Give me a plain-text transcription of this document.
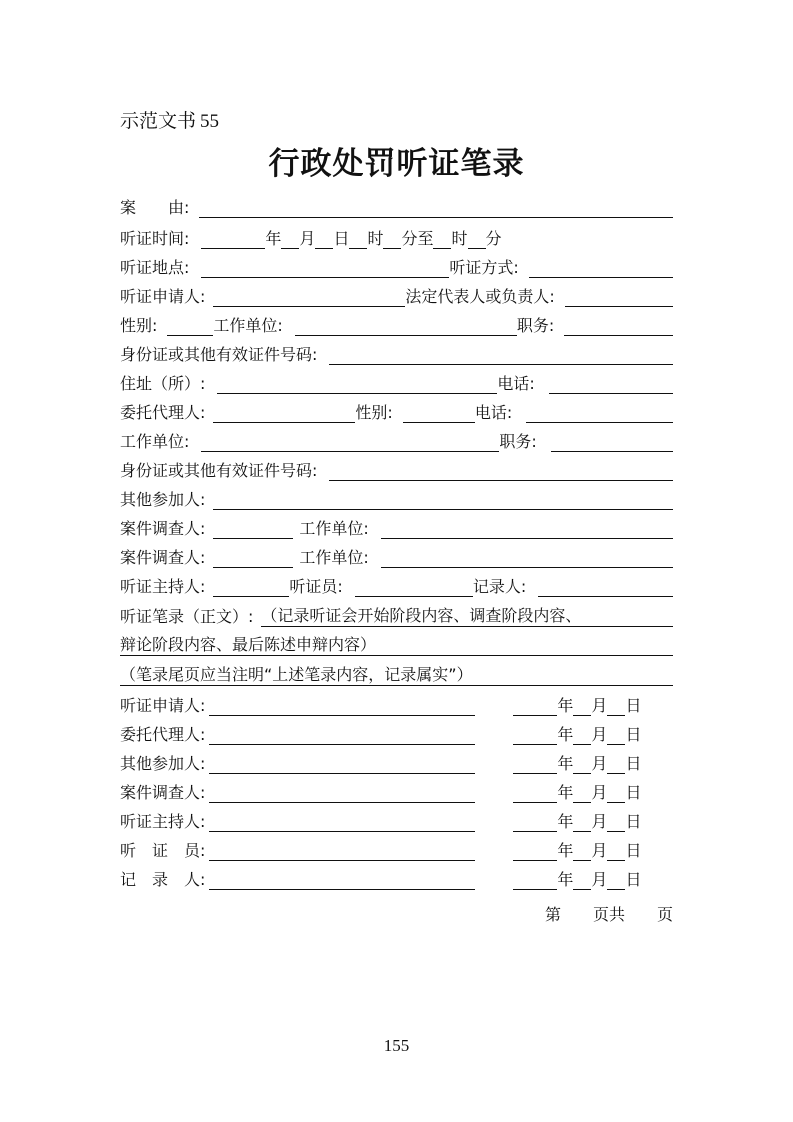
示范文书 55
行政处罚听证笔录
案　　由:
听证时间:	年 月 日 时 分至 时 分
听证地点:	听证方式:
听证申请人:	法定代表人或负责人:
性别:	工作单位:	职务:
身份证或其他有效证件号码:
住址（所）:	电话:
委托代理人:	性别:	电话:
工作单位:	职务:
身份证或其他有效证件号码:
其他参加人:
案件调查人:	工作单位:
案件调查人:	工作单位:
听证主持人:	听证员:	记录人:
听证笔录（正文）: （记录听证会开始阶段内容、调查阶段内容、
辩论阶段内容、最后陈述申辩内容）
（笔录尾页应当注明“上述笔录内容，记录属实”）
听证申请人:	年 月 日
委托代理人:	年 月 日
其他参加人:	年 月 日
案件调查人:	年 月 日
听证主持人:	年 月 日
听　证　员:	年 月 日
记　录　人:	年 月 日
第　　页共　　页
155
